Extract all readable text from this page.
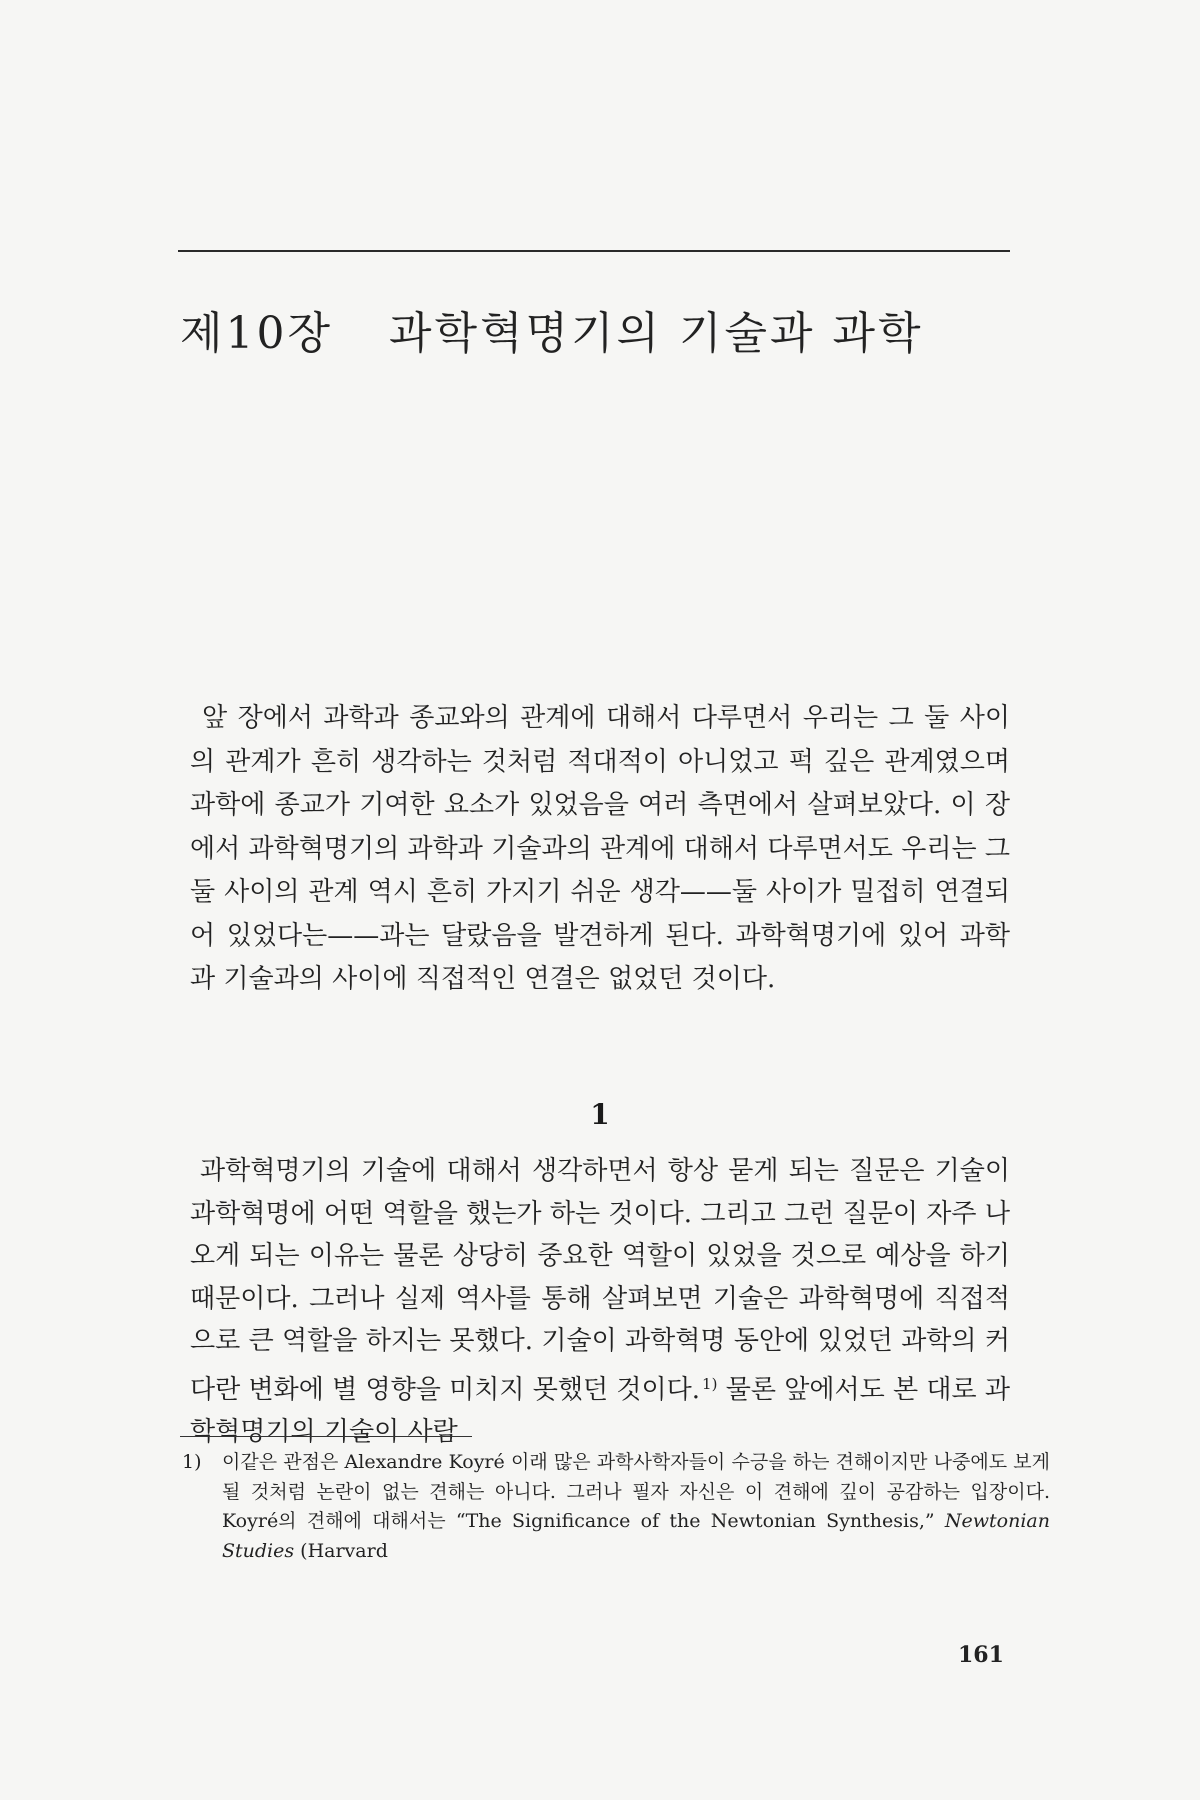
제10장 과학혁명기의 기술과 과학

앞 장에서 과학과 종교와의 관계에 대해서 다루면서 우리는 그 둘 사이의 관계가 흔히 생각하는 것처럼 적대적이 아니었고 퍽 깊은 관계였으며 과학에 종교가 기여한 요소가 있었음을 여러 측면에서 살펴보았다. 이 장에서 과학혁명기의 과학과 기술과의 관계에 대해서 다루면서도 우리는 그 둘 사이의 관계 역시 흔히 가지기 쉬운 생각——둘 사이가 밀접히 연결되어 있었다는——과는 달랐음을 발견하게 된다. 과학혁명기에 있어 과학과 기술과의 사이에 직접적인 연결은 없었던 것이다.

1

과학혁명기의 기술에 대해서 생각하면서 항상 묻게 되는 질문은 기술이 과학혁명에 어떤 역할을 했는가 하는 것이다. 그리고 그런 질문이 자주 나오게 되는 이유는 물론 상당히 중요한 역할이 있었을 것으로 예상을 하기 때문이다. 그러나 실제 역사를 통해 살펴보면 기술은 과학혁명에 직접적으로 큰 역할을 하지는 못했다. 기술이 과학혁명 동안에 있었던 과학의 커다란 변화에 별 영향을 미치지 못했던 것이다. $^{1)}$ 물론 앞에서도 본 대로 과학혁명기의 기술이 사람

1) 이같은 관점은 Alexandre Koyré 이래 많은 과학사학자들이 수긍을 하는 견해이지만 나중에도 보게 될 것처럼 논란이 없는 견해는 아니다. 그러나 필자 자신은 이 견해에 깊이 공감하는 입장이다. Koyré의 견해에 대해서는 “The Significance of the Newtonian Synthesis,” Newtonian Studies (Harvard

161
